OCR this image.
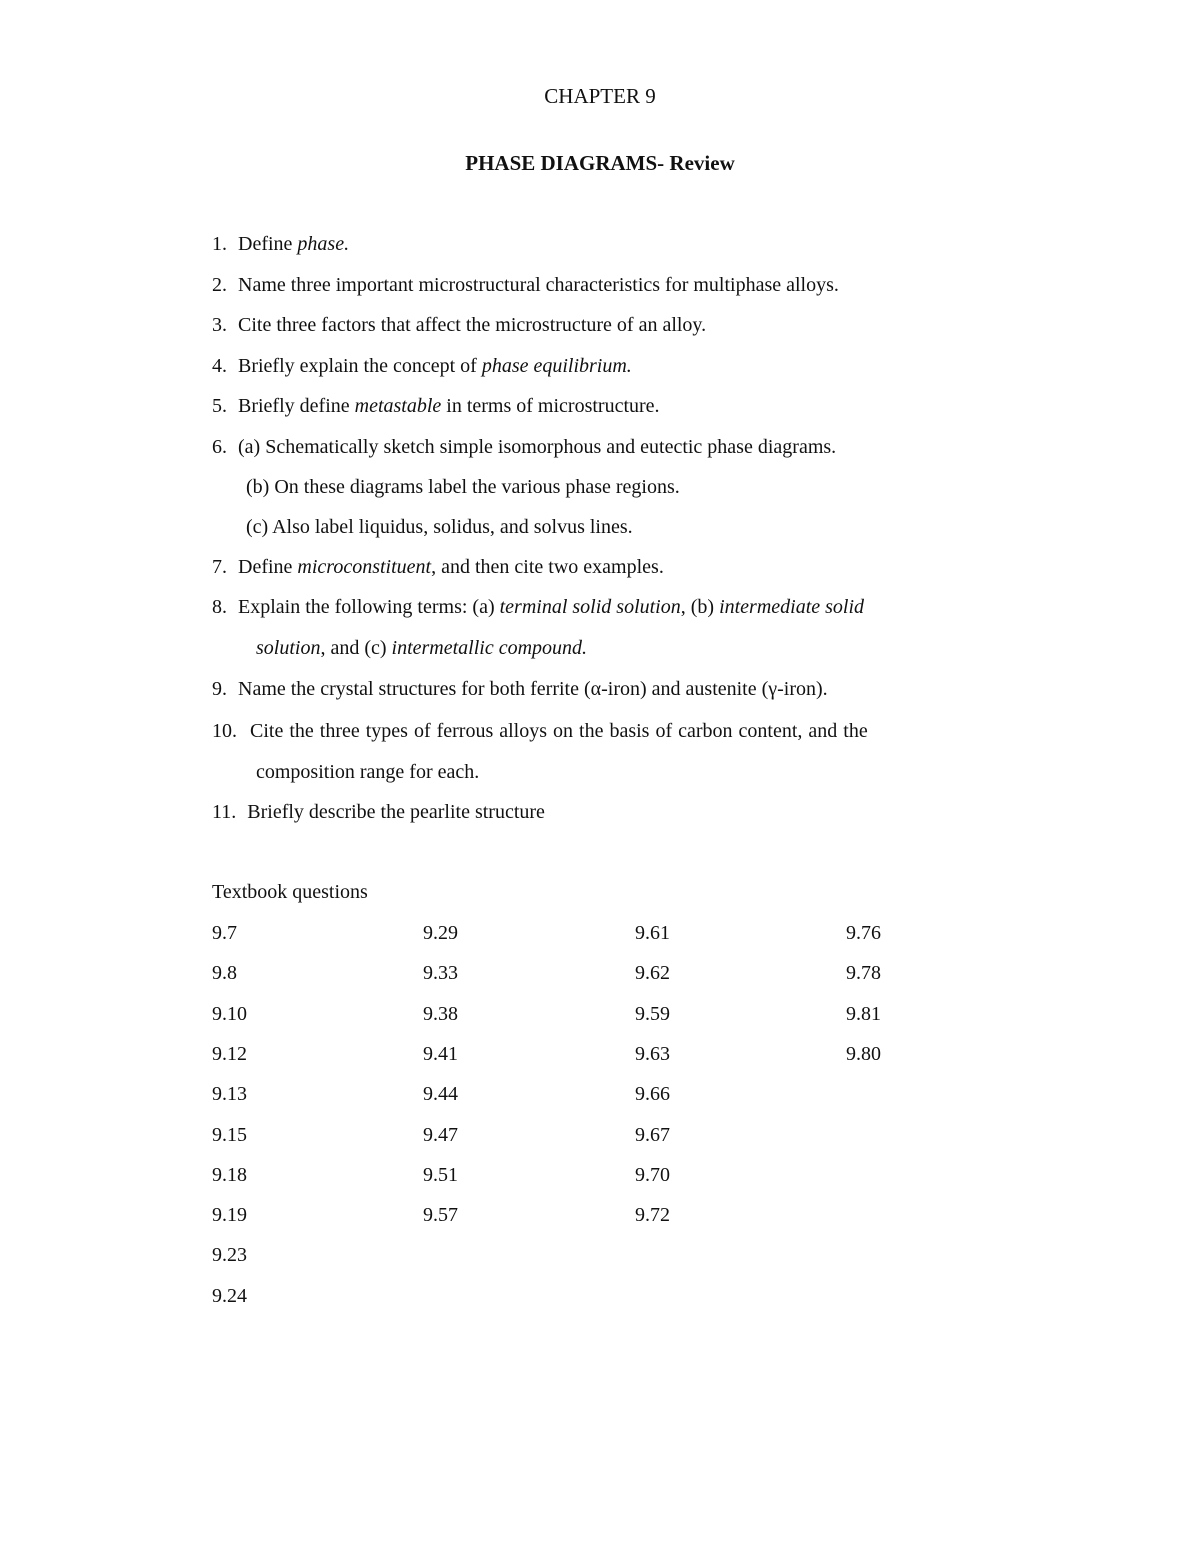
CHAPTER 9
PHASE DIAGRAMS- Review
1. Define phase.
2. Name three important microstructural characteristics for multiphase alloys.
3. Cite three factors that affect the microstructure of an alloy.
4. Briefly explain the concept of phase equilibrium.
5. Briefly define metastable in terms of microstructure.
6. (a) Schematically sketch simple isomorphous and eutectic phase diagrams.
(b) On these diagrams label the various phase regions.
(c) Also label liquidus, solidus, and solvus lines.
7. Define microconstituent, and then cite two examples.
8. Explain the following terms: (a) terminal solid solution, (b) intermediate solid
solution, and (c) intermetallic compound.
9. Name the crystal structures for both ferrite (α-iron) and austenite (γ-iron).
10. Cite the three types of ferrous alloys on the basis of carbon content, and the
composition range for each.
11. Briefly describe the pearlite structure
Textbook questions
9.7
9.8
9.10
9.12
9.13
9.15
9.18
9.19
9.23
9.24
9.29
9.33
9.38
9.41
9.44
9.47
9.51
9.57
9.61
9.62
9.59
9.63
9.66
9.67
9.70
9.72
9.76
9.78
9.81
9.80
